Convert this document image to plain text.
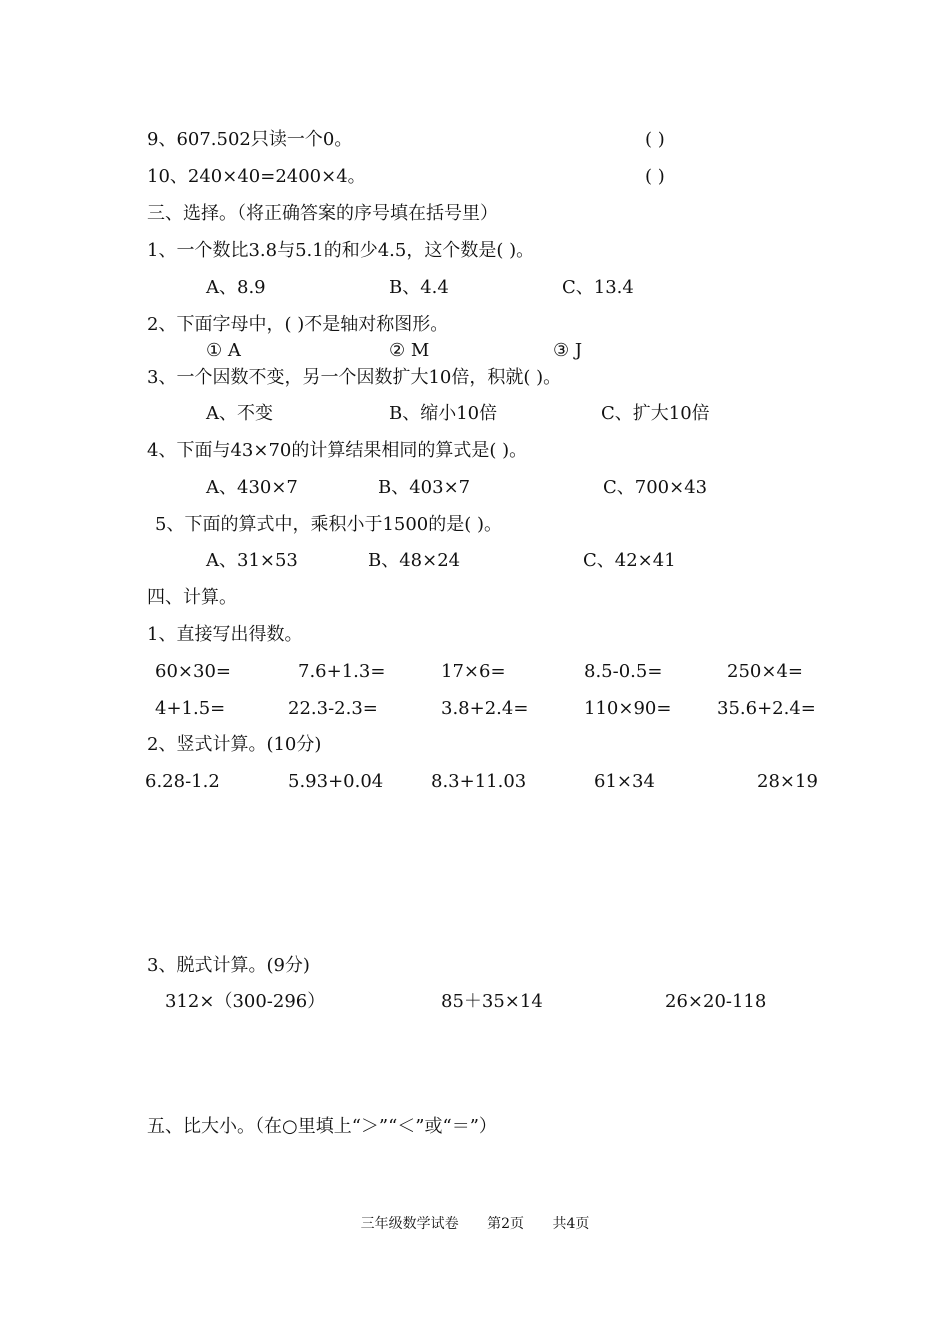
9、607.502只读一个0。	( )
10、240×40=2400×4。	( )
三、选择。（将正确答案的序号填在括号里）
1、一个数比3.8与5.1的和少4.5，这个数是( )。
A、8.9	B、4.4	C、13.4
2、下面字母中，( )不是轴对称图形。
① A	② M	③ J
3、一个因数不变，另一个因数扩大10倍，积就( )。
A、不变	B、缩小10倍	C、扩大10倍
4、下面与43×70的计算结果相同的算式是( )。
A、430×7	B、403×7	C、700×43
5、下面的算式中，乘积小于1500的是( )。
A、31×53	B、48×24	C、42×41
四、计算。
1、直接写出得数。
60×30=	7.6+1.3=	17×6=	8.5-0.5=	250×4=
4+1.5=	22.3-2.3=	3.8+2.4=	110×90=	35.6+2.4=
2、竖式计算。(10分)
6.28-1.2	5.93+0.04	8.3+11.03	61×34	28×19
3、脱式计算。(9分)
312×（300-296）	85＋35×14	26×20-118
五、比大小。（在○里填上“＞”“＜”或“＝”）
三年级数学试卷 第2页 共4页
